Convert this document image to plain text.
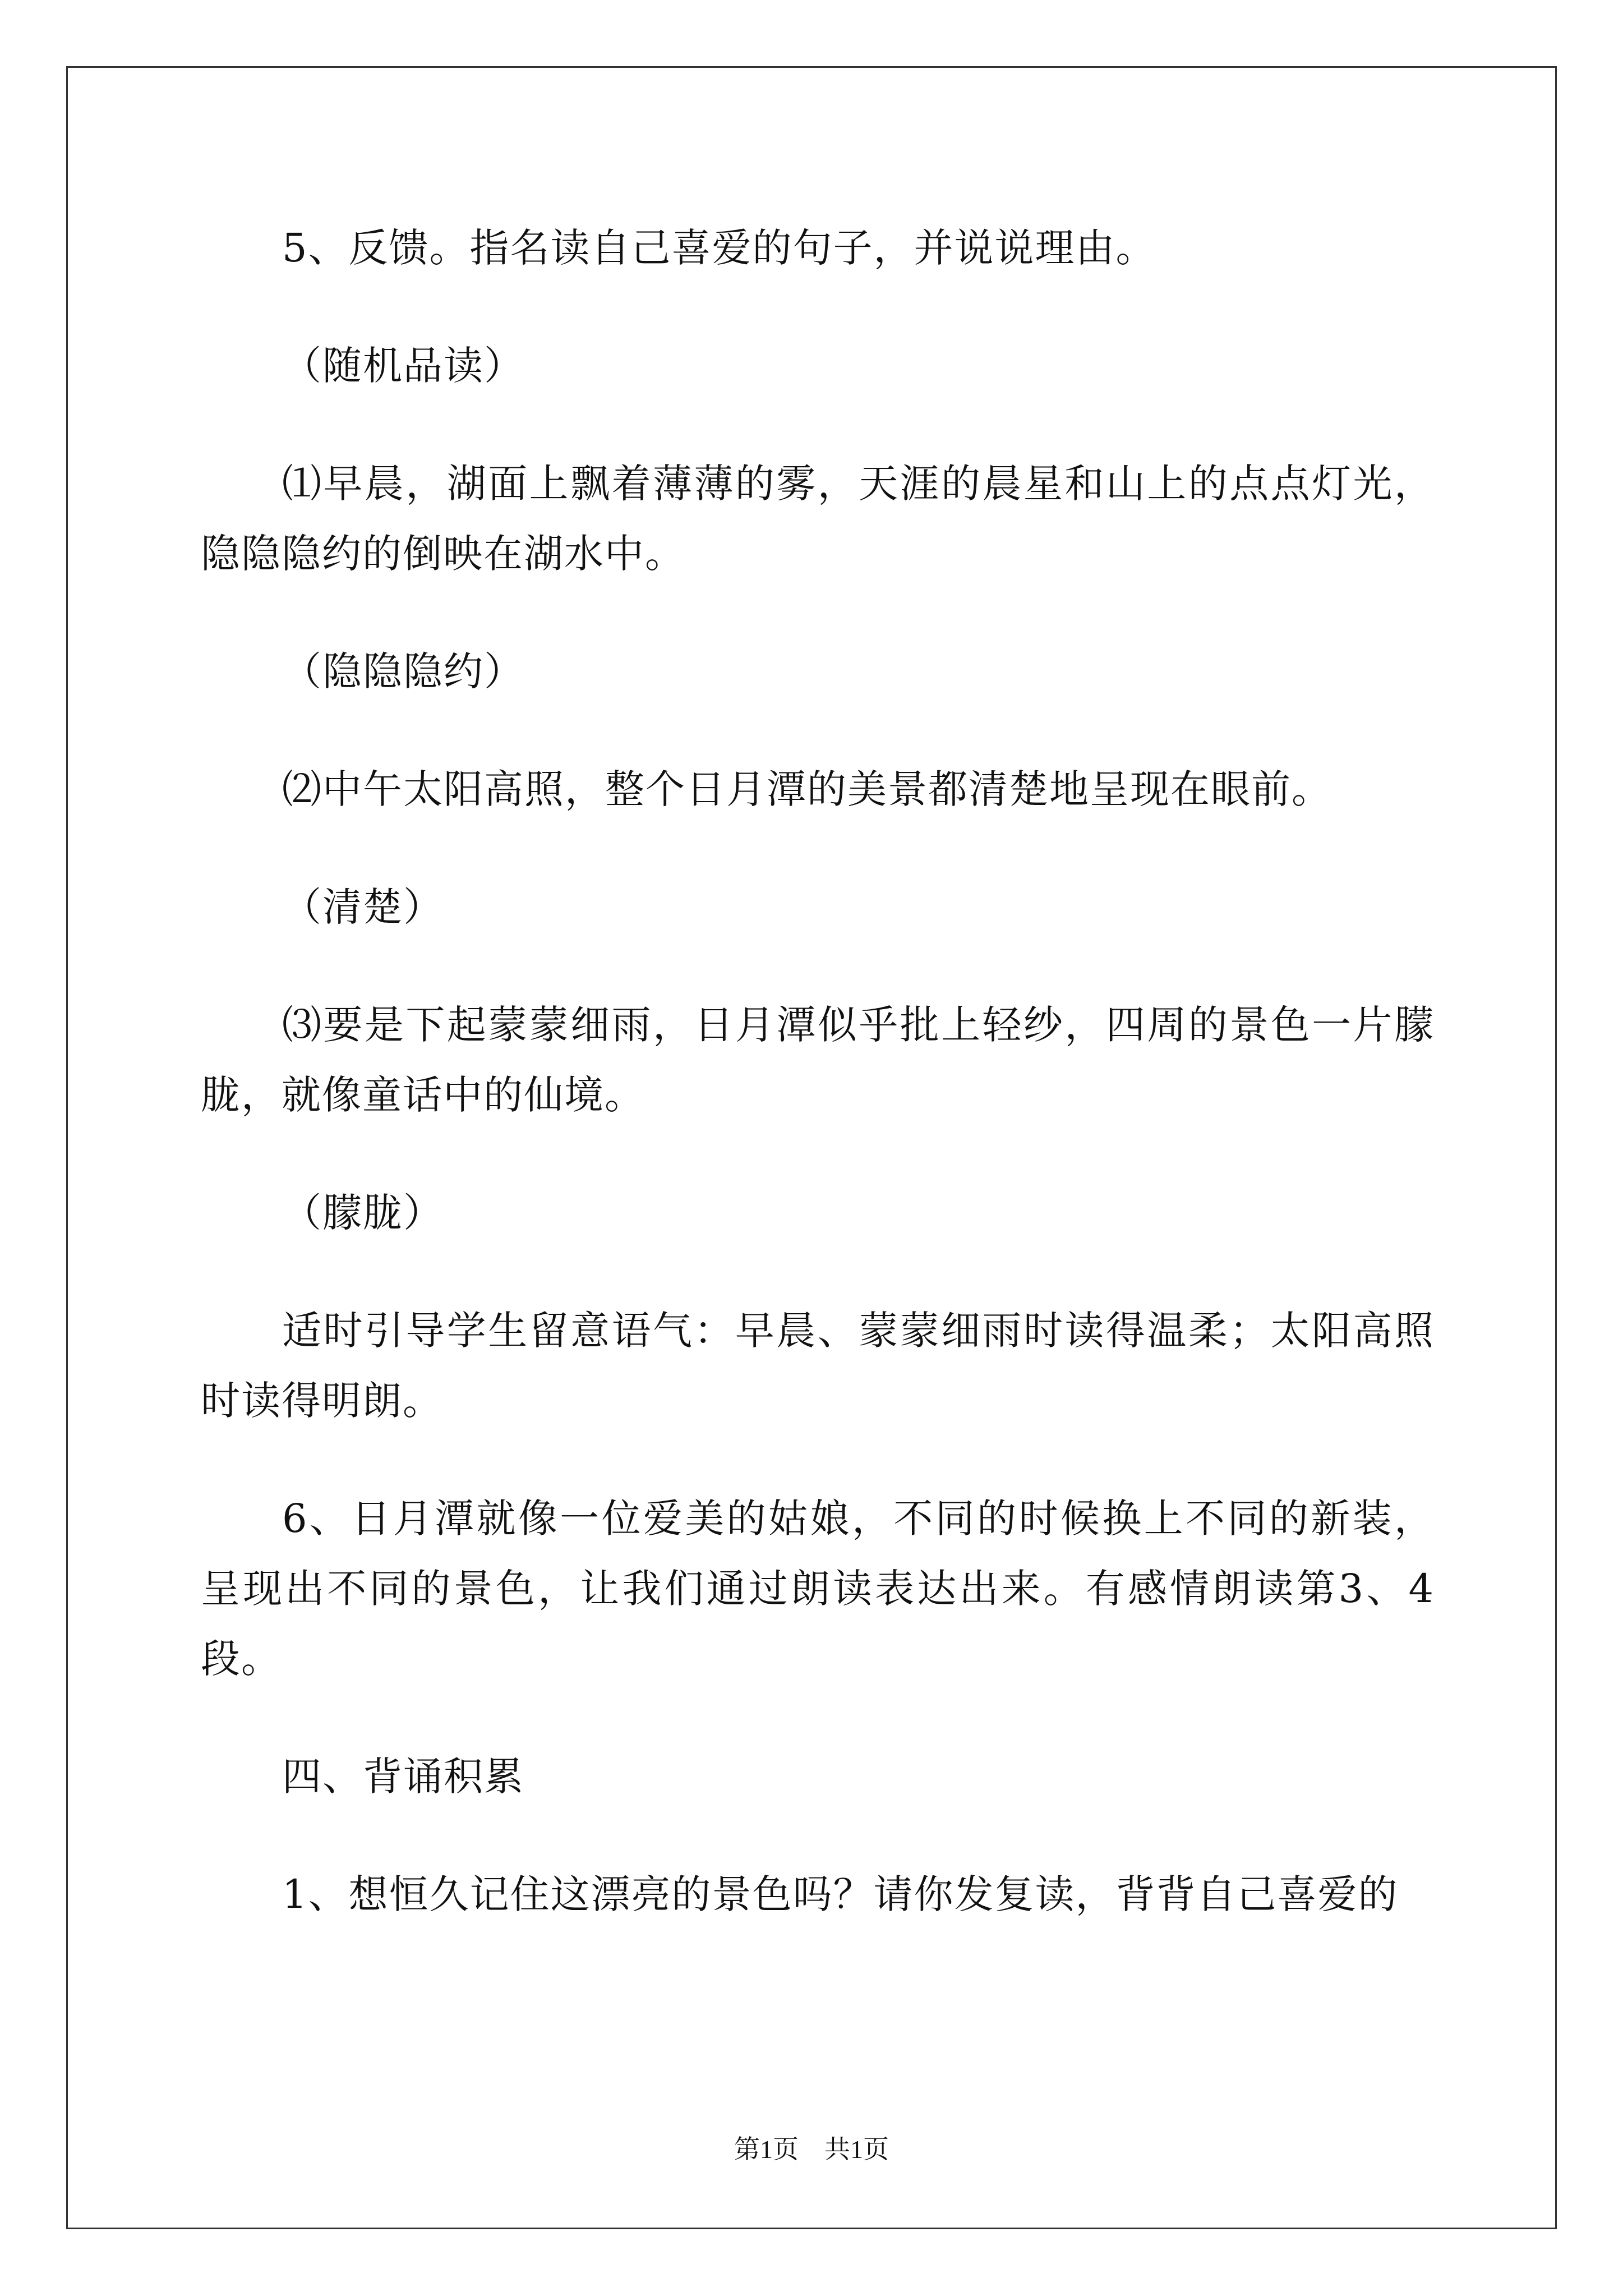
5、反馈。指名读自己喜爱的句子，并说说理由。

（随机品读）

⑴早晨，湖面上飘着薄薄的雾，天涯的晨星和山上的点点灯光，隐隐隐约的倒映在湖水中。

（隐隐隐约）

⑵中午太阳高照，整个日月潭的美景都清楚地呈现在眼前。

（清楚）

⑶要是下起蒙蒙细雨，日月潭似乎批上轻纱，四周的景色一片朦胧，就像童话中的仙境。

（朦胧）

适时引导学生留意语气：早晨、蒙蒙细雨时读得温柔；太阳高照时读得明朗。

6、日月潭就像一位爱美的姑娘，不同的时候换上不同的新装，呈现出不同的景色，让我们通过朗读表达出来。有感情朗读第3、4段。

四、背诵积累

1、想恒久记住这漂亮的景色吗？请你发复读，背背自己喜爱的

第1页　共1页
